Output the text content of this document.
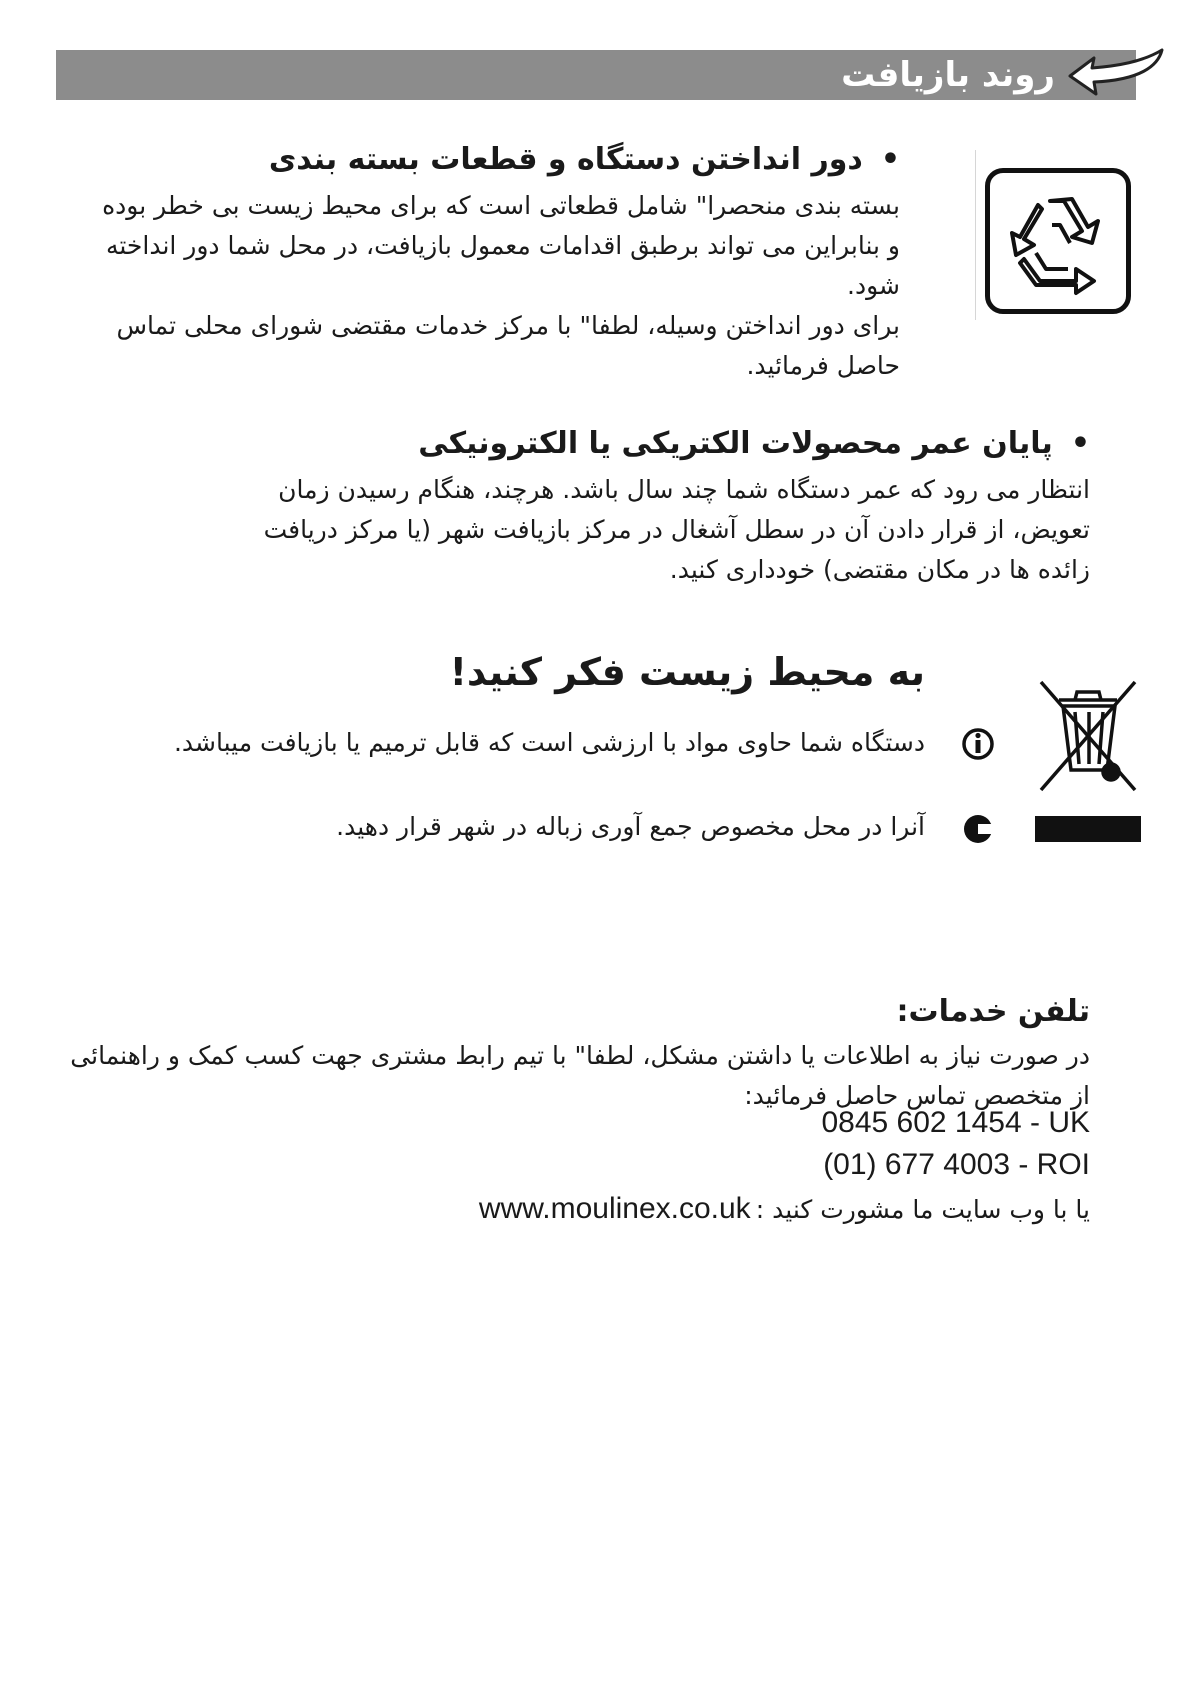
روند بازیافت
•دور انداختن دستگاه و قطعات بسته بندی

بسته بندی منحصرا" شامل قطعاتی است که برای محیط زیست بی خطر بوده

و بنابراین می تواند برطبق اقدامات معمول بازیافت، در محل شما دور انداخته

شود.

برای دور انداختن وسیله، لطفا" با مرکز خدمات مقتضی شورای محلی تماس

حاصل فرمائید.

•پایان عمر محصولات الکتریکی یا الکترونیکی

انتظار می رود که عمر دستگاه شما چند سال باشد. هرچند، هنگام رسیدن زمان

تعویض، از قرار دادن آن در سطل آشغال در مرکز بازیافت شهر (یا مرکز دریافت

زائده ها در مکان مقتضی) خودداری کنید.

به محیط زیست فکر کنید!
دستگاه شما حاوی مواد با ارزشی است که قابل ترمیم یا بازیافت میباشد.
آنرا در محل مخصوص جمع آوری زباله در شهر قرار دهید.
تلفن خدمات:

در صورت نیاز به اطلاعات یا داشتن مشکل، لطفا" با تیم رابط مشتری جهت کسب کمک و راهنمائی

از متخصص تماس حاصل فرمائید:

0845 602 1454 - UK
(01) 677 4003 - ROI
یا با وب سایت ما مشورت کنید : www.moulinex.co.uk
